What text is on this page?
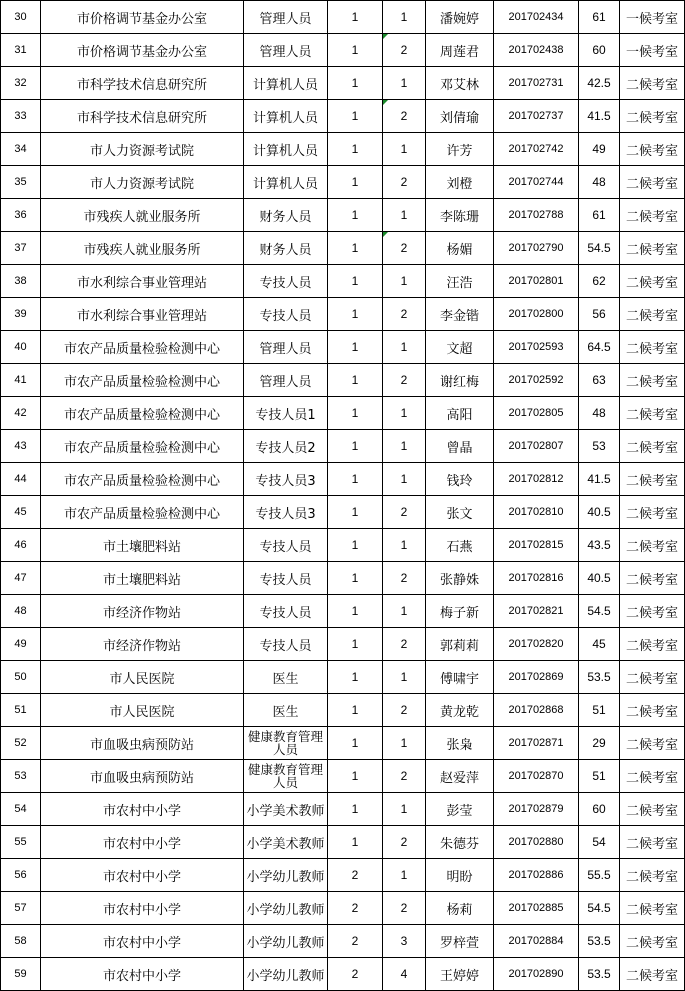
30	市价格调节基金办公室	管理人员	1	1	潘婉婷	201702434	61	一候考室
31	市价格调节基金办公室	管理人员	1	2	周莲君	201702438	60	一候考室
32	市科学技术信息研究所	计算机人员	1	1	邓艾林	201702731	42.5	二候考室
33	市科学技术信息研究所	计算机人员	1	2	刘倩瑜	201702737	41.5	二候考室
34	市人力资源考试院	计算机人员	1	1	许芳	201702742	49	二候考室
35	市人力资源考试院	计算机人员	1	2	刘橙	201702744	48	二候考室
36	市残疾人就业服务所	财务人员	1	1	李陈珊	201702788	61	二候考室
37	市残疾人就业服务所	财务人员	1	2	杨媚	201702790	54.5	二候考室
38	市水利综合事业管理站	专技人员	1	1	汪浩	201702801	62	二候考室
39	市水利综合事业管理站	专技人员	1	2	李金锴	201702800	56	二候考室
40	市农产品质量检验检测中心	管理人员	1	1	文超	201702593	64.5	二候考室
41	市农产品质量检验检测中心	管理人员	1	2	谢红梅	201702592	63	二候考室
42	市农产品质量检验检测中心	专技人员1	1	1	高阳	201702805	48	二候考室
43	市农产品质量检验检测中心	专技人员2	1	1	曾晶	201702807	53	二候考室
44	市农产品质量检验检测中心	专技人员3	1	1	钱玲	201702812	41.5	二候考室
45	市农产品质量检验检测中心	专技人员3	1	2	张文	201702810	40.5	二候考室
46	市土壤肥料站	专技人员	1	1	石燕	201702815	43.5	二候考室
47	市土壤肥料站	专技人员	1	2	张静姝	201702816	40.5	二候考室
48	市经济作物站	专技人员	1	1	梅子新	201702821	54.5	二候考室
49	市经济作物站	专技人员	1	2	郭莉莉	201702820	45	二候考室
50	市人民医院	医生	1	1	傅啸宇	201702869	53.5	二候考室
51	市人民医院	医生	1	2	黄龙乾	201702868	51	二候考室
52	市血吸虫病预防站	健康教育管理人员	1	1	张枭	201702871	29	二候考室
53	市血吸虫病预防站	健康教育管理人员	1	2	赵爱萍	201702870	51	二候考室
54	市农村中小学	小学美术教师	1	1	彭莹	201702879	60	二候考室
55	市农村中小学	小学美术教师	1	2	朱德芬	201702880	54	二候考室
56	市农村中小学	小学幼儿教师	2	1	明盼	201702886	55.5	二候考室
57	市农村中小学	小学幼儿教师	2	2	杨莉	201702885	54.5	二候考室
58	市农村中小学	小学幼儿教师	2	3	罗梓萱	201702884	53.5	二候考室
59	市农村中小学	小学幼儿教师	2	4	王婷婷	201702890	53.5	二候考室
